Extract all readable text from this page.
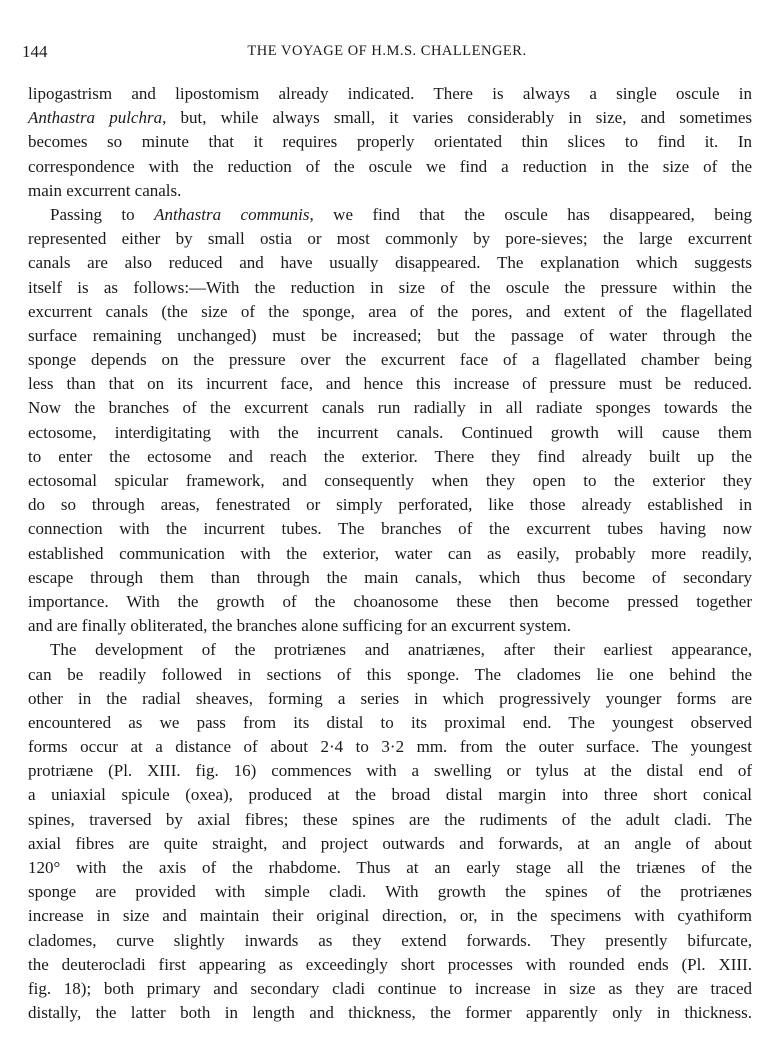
144	THE VOYAGE OF H.M.S. CHALLENGER.
lipogastrism and lipostomism already indicated. There is always a single oscule in
Anthastra pulchra, but, while always small, it varies considerably in size, and sometimes
becomes so minute that it requires properly orientated thin slices to find it. In
correspondence with the reduction of the oscule we find a reduction in the size of the
main excurrent canals.
Passing to Anthastra communis, we find that the oscule has disappeared, being
represented either by small ostia or most commonly by pore-sieves; the large excurrent
canals are also reduced and have usually disappeared. The explanation which suggests
itself is as follows:—With the reduction in size of the oscule the pressure within the
excurrent canals (the size of the sponge, area of the pores, and extent of the flagellated
surface remaining unchanged) must be increased; but the passage of water through the
sponge depends on the pressure over the excurrent face of a flagellated chamber being
less than that on its incurrent face, and hence this increase of pressure must be reduced.
Now the branches of the excurrent canals run radially in all radiate sponges towards the
ectosome, interdigitating with the incurrent canals. Continued growth will cause them
to enter the ectosome and reach the exterior. There they find already built up the
ectosomal spicular framework, and consequently when they open to the exterior they
do so through areas, fenestrated or simply perforated, like those already established in
connection with the incurrent tubes. The branches of the excurrent tubes having now
established communication with the exterior, water can as easily, probably more readily,
escape through them than through the main canals, which thus become of secondary
importance. With the growth of the choanosome these then become pressed together
and are finally obliterated, the branches alone sufficing for an excurrent system.
The development of the protriænes and anatriænes, after their earliest appearance,
can be readily followed in sections of this sponge. The cladomes lie one behind the
other in the radial sheaves, forming a series in which progressively younger forms are
encountered as we pass from its distal to its proximal end. The youngest observed
forms occur at a distance of about 2·4 to 3·2 mm. from the outer surface. The youngest
protriæne (Pl. XIII. fig. 16) commences with a swelling or tylus at the distal end of
a uniaxial spicule (oxea), produced at the broad distal margin into three short conical
spines, traversed by axial fibres; these spines are the rudiments of the adult cladi. The
axial fibres are quite straight, and project outwards and forwards, at an angle of about
120° with the axis of the rhabdome. Thus at an early stage all the triænes of the
sponge are provided with simple cladi. With growth the spines of the protriænes
increase in size and maintain their original direction, or, in the specimens with cyathiform
cladomes, curve slightly inwards as they extend forwards. They presently bifurcate,
the deuterocladi first appearing as exceedingly short processes with rounded ends (Pl. XIII.
fig. 18); both primary and secondary cladi continue to increase in size as they are traced
distally, the latter both in length and thickness, the former apparently only in thickness.
